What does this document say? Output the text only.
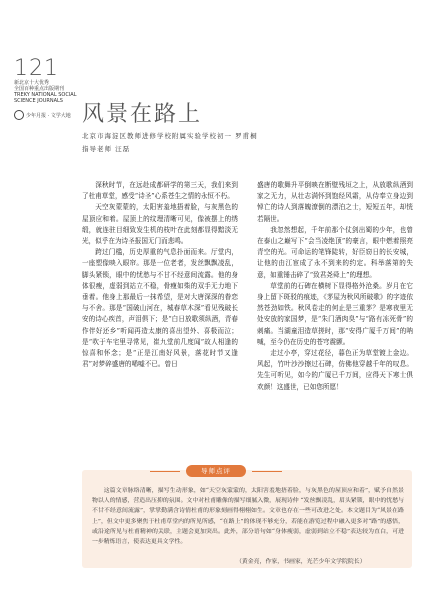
121
新北京十大优秀
全国百种重点出版期刊
TREKY NATIONAL SOCIAL
SCIENCE JOURNALS
少年月报 · 文学大地 风景在路上
北京市海淀区教师进修学校附属实验学校初一 罗甫桐
指导老师 汪磊

深秋时节，在远赴成都研学的第三天，我们来到了杜甫草堂，感受“诗圣”心系苍生之情的永恒不朽。

天空灰蒙蒙的，太阳害羞地捂着脸，与灰黑色的屋顶应和着。屋顶上的纹理清晰可见，像被摆上的绣缎，就连驻目细致发生机的枝叶在此刻都显得黯淡无光，似乎在为诗圣报国无门而悲鸣。

跨过门槛，历史厚重的气息扑面而来。厅堂内，一座塑像映入眼帘。那是一位老者，发丝飘飘凌乱，脚头紧锁，眼中的忧愁与不甘不经意间流露。他的身体很瘦，虚弱到站立不稳，骨瘦如柴的双手无力地下垂着。他身上那最后一抹希望，是对大唐深深的眷恋与不舍。那是“国破山河在，城春草木深”看见残破长安的诗心疾首，声泪俱下；是“白日放歌须纵酒，青春作伴好还乡”听闻再造太康的喜出望外、喜极而泣；是“吹于车宅里寻常见，崔九堂前几度闻”故人相逢的惊喜和怀念；是“正是江南好风景，落花时节又逢君”对梦碎盛唐的唏嘘不已。曾日

盛唐的歌舞升平倒映在断壁残垣之上，从放歌纵酒到家之无力，从壮志满怀到饱经风霜，从侍奉立身边到悼亡的诗人到落魄潦倒的漂泊之士，短短五年，却恍若隔世。

我忽然想起，千年前那个仗剑出蜀的少年，也曾在泰山之巅写下“会当凌绝顶”的豪言，眼中燃着照亮青空的光。可命运的笔锋陡转，好臣窃日的长安城，让他的由江宦成了永不到来的约定。科举落第的失意，如重锤击碎了“致君尧舜上”的理想。

草堂前的石碑在横树下显得格外沧桑。岁月在它身上留下斑驳的痕迹，《茅屋为秋风所破歌》的字迹依然苍劲如铁。秋风卷走的何止是三重茅？是寒夜里无处安放的家国梦，是“朱门酒肉臭”与“路有冻死骨”的刺痛。当湖童泪造草搓时，那“安得广厦千万间”的呐喊，至今仍在历史的苍穹震颤。

走过小亭，穿过花径，暮色正为草堂镀上金边。风起，竹叶沙沙擦过石碑，仿佛他穿越千年的叹息。先生可听见，如今的广厦已千万间，应得天下寒士俱欢颜！这盛世，已如您所愿！

导师点评
这篇文章脉络清晰，描写生动形象，如“天空灰蒙蒙的，太阳害羞地捂着脸，与灰黑色的屋顶应和着”，赋予自然景物以人的情感，营造出压抑的氛围。文中对杜甫雕像的描写细腻入微，展现诗仲 “发丝飘凌乱，眉头紧锁，眼中的忧愁与不甘不经意间流露”，掌掌勤满含诗情杜甫的形象刻画得栩栩如生。文章也存在一些可改进之处。本文题目为“风景在路上”，但文中更多聚焦于杜甫草堂内的所见所感，“在路上”的体现不够充分，若能在游览过程中融入更多对“路”的感悟，或沿途所见与杜甫精神的关联，主题会更加突出。此外，部分语句如“身体瘦弱，虚弱到站立不稳”表达较为直白，可进一步精炼语言，使表达更具文学性。
（黄金亮，作家，书画家，光芒少年文学院院长）
